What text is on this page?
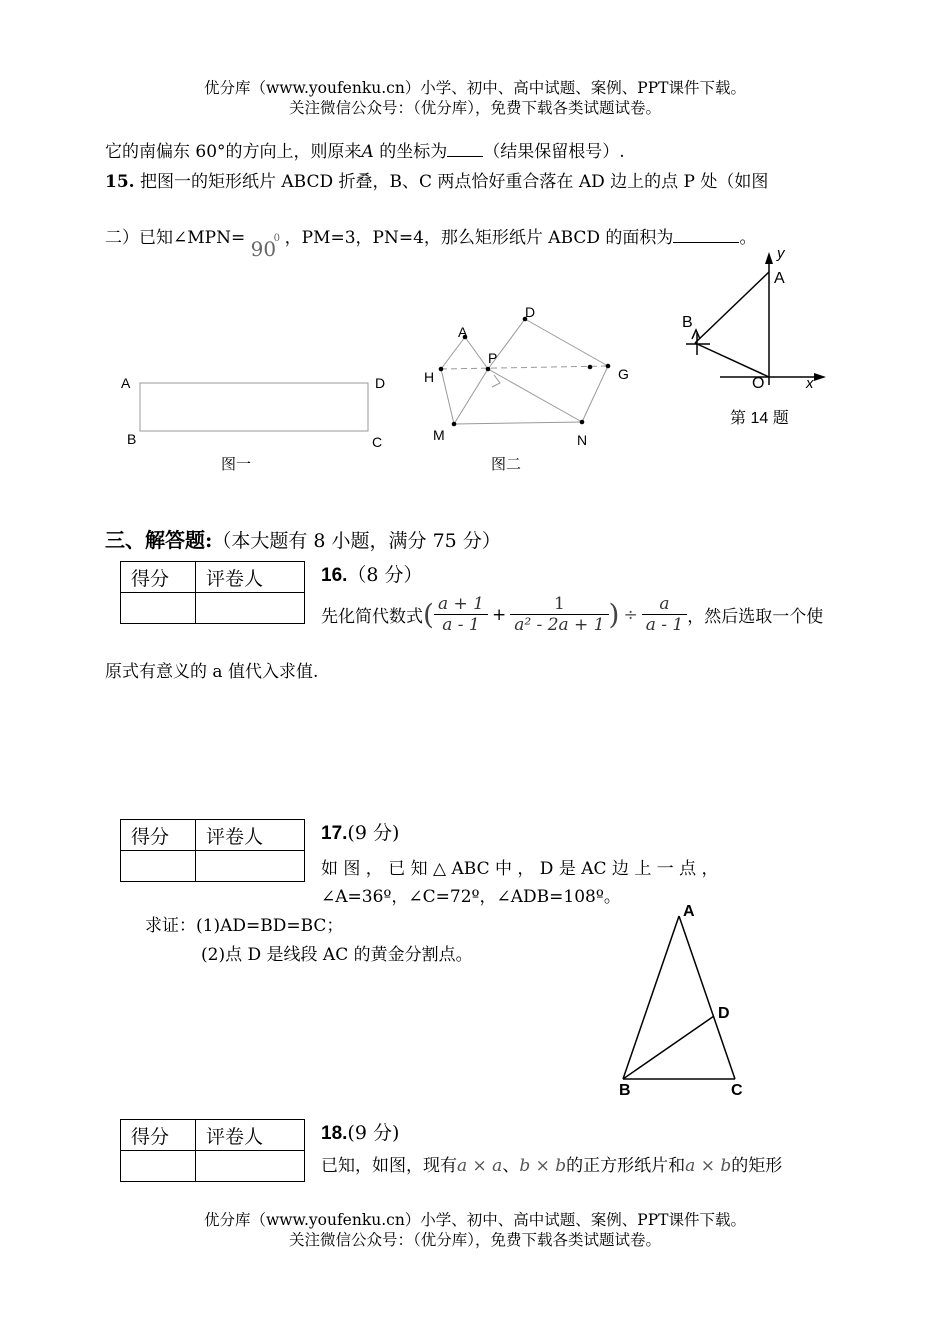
优分库（www.youfenku.cn）小学、初中、高中试题、案例、PPT课件下载。
关注微信公众号：（优分库），免费下载各类试题试卷。
它的南偏东 60°的方向上，则原来A 的坐标为 （结果保留根号）.
15. 把图一的矩形纸片 ABCD 折叠，B、C 两点恰好重合落在 AD 边上的点 P 处（如图
二）已知∠MPN= 90
0 ，PM=3，PN=4，那么矩形纸片 ABCD 的面积为	。
A	D
B	C
图一
A
D
P
H	G
M	N
图二
y
A
B
O	x
第 14 题
三、解答题:（本大题有 8 小题，满分 75 分）
得分	评卷人
		16.（8 分）
先化简代数式 ( $\frac{a + 1}{a - 1} + \frac{1}{\text{a² - 2a + 1}}$ ) ÷ $\frac{a}{a - 1}$ ，然后选取一个使
原式有意义的 a 值代入求值.
得分	评卷人
		17.(9 分)
如 图 ， 已 知 △ ABC 中 ， D 是 AC 边 上 一 点 ，
∠A=36º，∠C=72º，∠ADB=108º。
求证：(1)AD=BD=BC；
(2)点 D 是线段 AC 的黄金分割点。
A
D
B	C
得分	评卷人
		18.(9 分)
已知，如图，现有a × a、b × b的正方形纸片和a × b的矩形
优分库（www.youfenku.cn）小学、初中、高中试题、案例、PPT课件下载。
关注微信公众号：（优分库），免费下载各类试题试卷。
